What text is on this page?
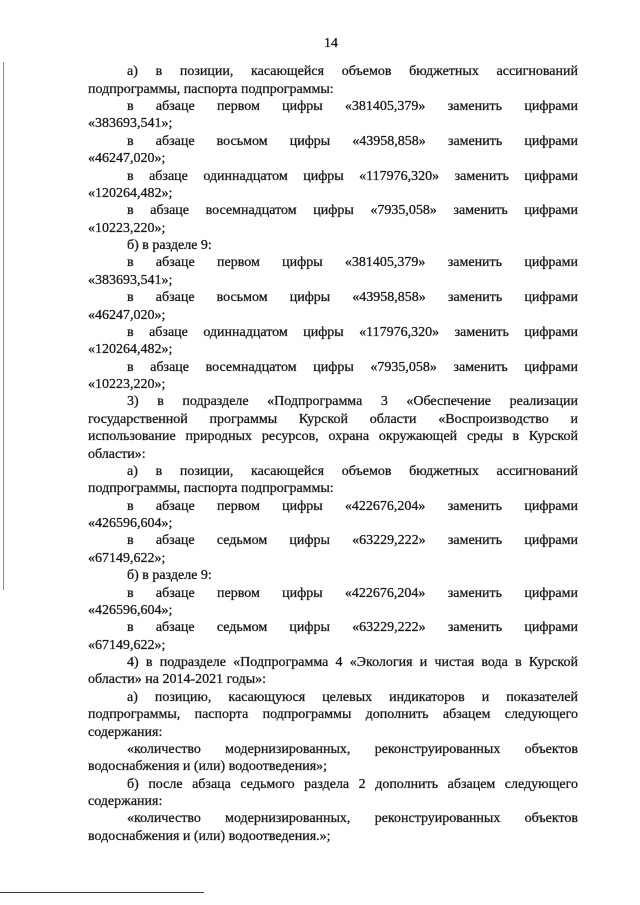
14
а) в позиции, касающейся объемов бюджетных ассигнований
подпрограммы, паспорта подпрограммы:
в абзаце первом цифры «381405,379» заменить цифрами
«383693,541»;
в абзаце восьмом цифры «43958,858» заменить цифрами
«46247,020»;
в абзаце одиннадцатом цифры «117976,320» заменить цифрами
«120264,482»;
в абзаце восемнадцатом цифры «7935,058» заменить цифрами
«10223,220»;
б) в разделе 9:
в абзаце первом цифры «381405,379» заменить цифрами
«383693,541»;
в абзаце восьмом цифры «43958,858» заменить цифрами
«46247,020»;
в абзаце одиннадцатом цифры «117976,320» заменить цифрами
«120264,482»;
в абзаце восемнадцатом цифры «7935,058» заменить цифрами
«10223,220»;
3) в подразделе «Подпрограмма 3 «Обеспечение реализации
государственной программы Курской области «Воспроизводство и
использование природных ресурсов, охрана окружающей среды в Курской
области»:
а) в позиции, касающейся объемов бюджетных ассигнований
подпрограммы, паспорта подпрограммы:
в абзаце первом цифры «422676,204» заменить цифрами
«426596,604»;
в абзаце седьмом цифры «63229,222» заменить цифрами
«67149,622»;
б) в разделе 9:
в абзаце первом цифры «422676,204» заменить цифрами
«426596,604»;
в абзаце седьмом цифры «63229,222» заменить цифрами
«67149,622»;
4) в подразделе «Подпрограмма 4 «Экология и чистая вода в Курской
области» на 2014-2021 годы»:
а) позицию, касающуюся целевых индикаторов и показателей
подпрограммы, паспорта подпрограммы дополнить абзацем следующего
содержания:
«количество модернизированных, реконструированных объектов
водоснабжения и (или) водоотведения»;
б) после абзаца седьмого раздела 2 дополнить абзацем следующего
содержания:
«количество модернизированных, реконструированных объектов
водоснабжения и (или) водоотведения.»;
